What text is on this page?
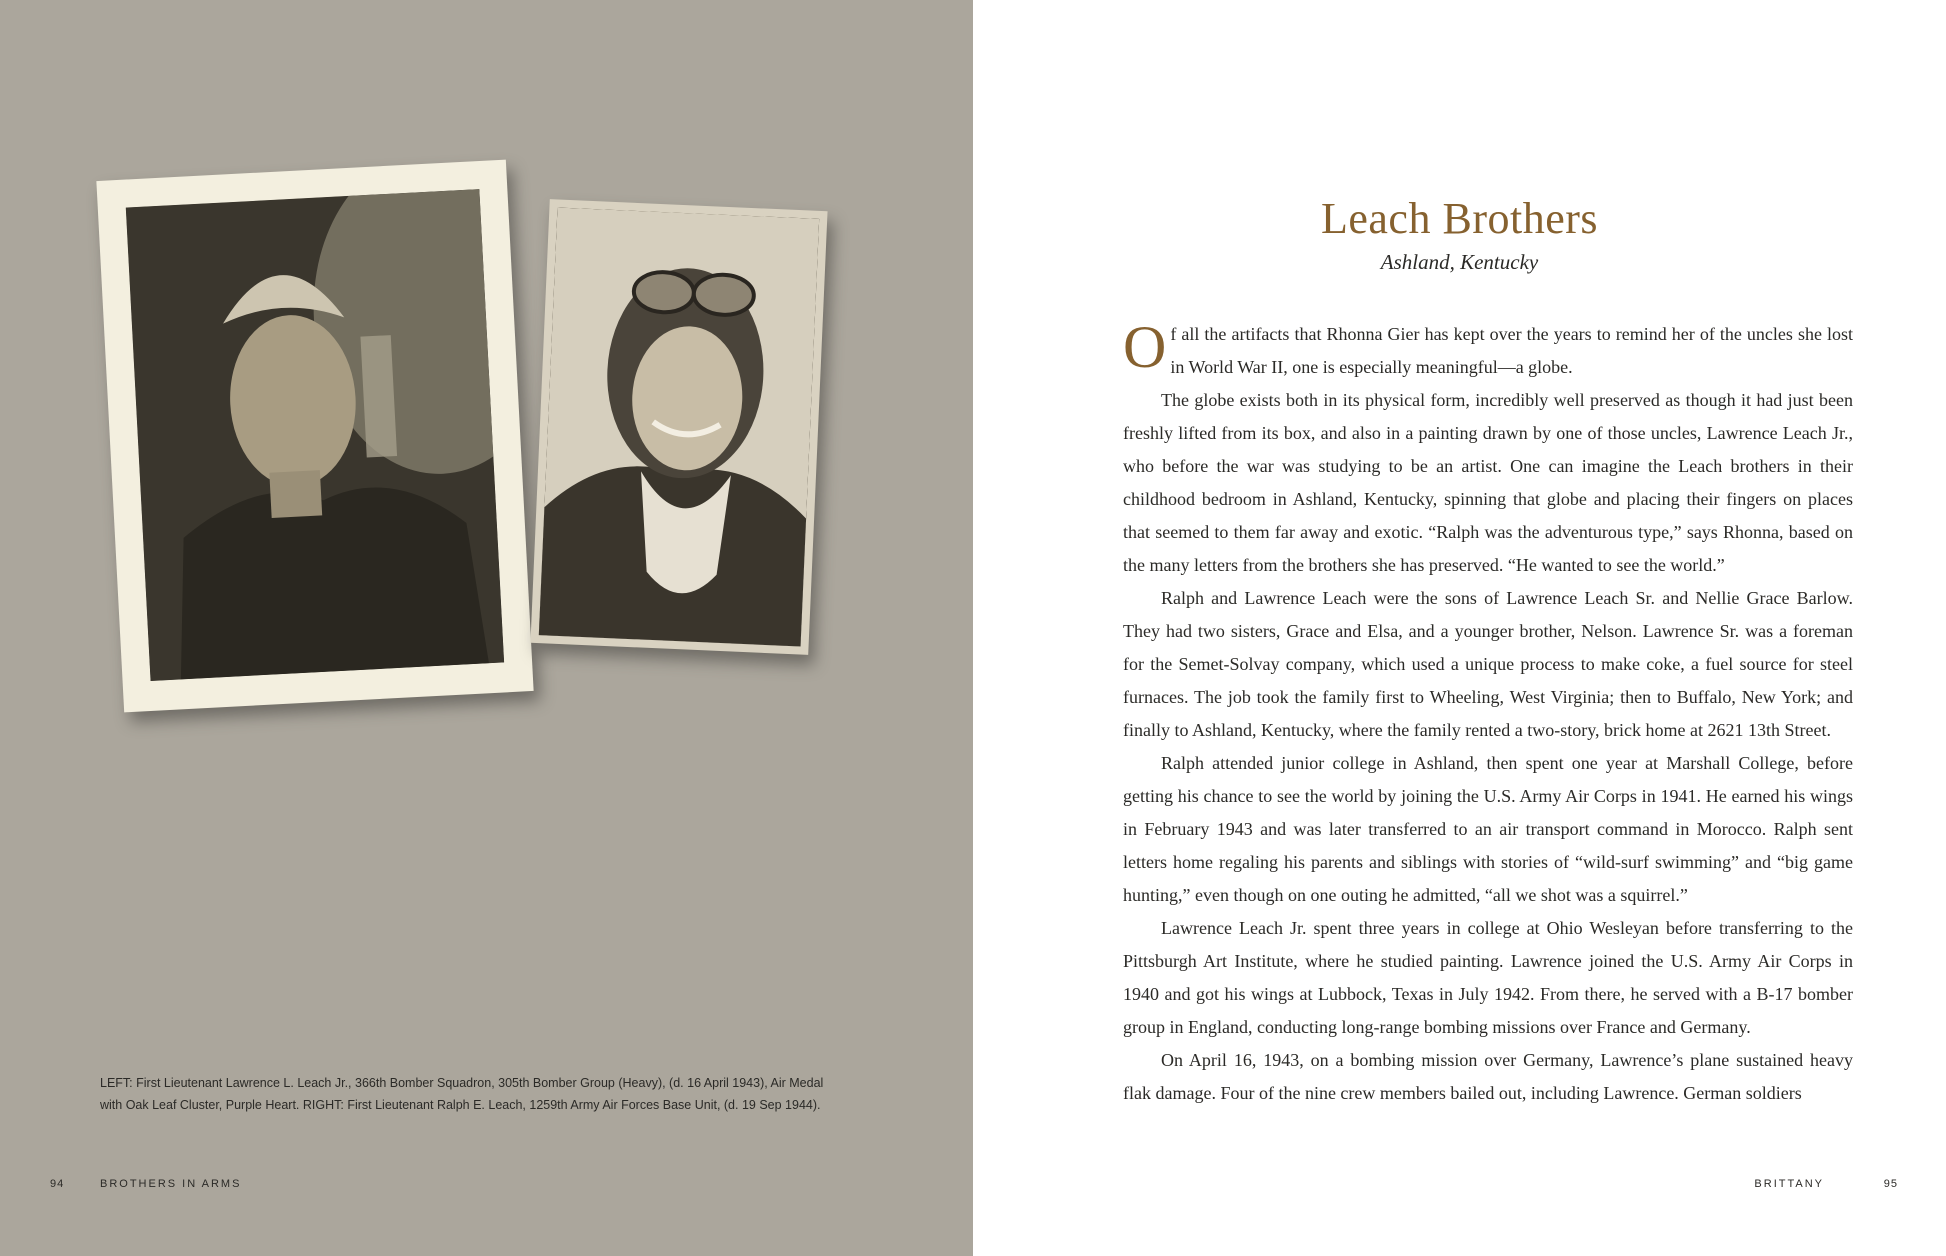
LEFT: First Lieutenant Lawrence L. Leach Jr., 366th Bomber Squadron, 305th Bomber Group (Heavy), (d. 16 April 1943), Air Medal with Oak Leaf Cluster, Purple Heart. RIGHT: First Lieutenant Ralph E. Leach, 1259th Army Air Forces Base Unit, (d. 19 Sep 1944).
94	BROTHERS IN ARMS
Leach Brothers
Ashland, Kentucky

Of all the artifacts that Rhonna Gier has kept over the years to remind her of the uncles she lost in World War II, one is especially meaningful—a globe.

The globe exists both in its physical form, incredibly well preserved as though it had just been freshly lifted from its box, and also in a painting drawn by one of those uncles, Lawrence Leach Jr., who before the war was studying to be an artist. One can imagine the Leach brothers in their childhood bedroom in Ashland, Kentucky, spinning that globe and placing their fingers on places that seemed to them far away and exotic. “Ralph was the adventurous type,” says Rhonna, based on the many letters from the brothers she has preserved. “He wanted to see the world.”

Ralph and Lawrence Leach were the sons of Lawrence Leach Sr. and Nellie Grace Barlow. They had two sisters, Grace and Elsa, and a younger brother, Nelson. Lawrence Sr. was a foreman for the Semet-Solvay company, which used a unique process to make coke, a fuel source for steel furnaces. The job took the family first to Wheeling, West Virginia; then to Buffalo, New York; and finally to Ashland, Kentucky, where the family rented a two-story, brick home at 2621 13th Street.

Ralph attended junior college in Ashland, then spent one year at Marshall College, before getting his chance to see the world by joining the U.S. Army Air Corps in 1941. He earned his wings in February 1943 and was later transferred to an air transport command in Morocco. Ralph sent letters home regaling his parents and siblings with stories of “wild-surf swimming” and “big game hunting,” even though on one outing he admitted, “all we shot was a squirrel.”

Lawrence Leach Jr. spent three years in college at Ohio Wesleyan before transferring to the Pittsburgh Art Institute, where he studied painting. Lawrence joined the U.S. Army Air Corps in 1940 and got his wings at Lubbock, Texas in July 1942. From there, he served with a B-17 bomber group in England, conducting long-range bombing missions over France and Germany.

On April 16, 1943, on a bombing mission over Germany, Lawrence’s plane sustained heavy flak damage. Four of the nine crew members bailed out, including Lawrence. German soldiers

BRITTANY	95
